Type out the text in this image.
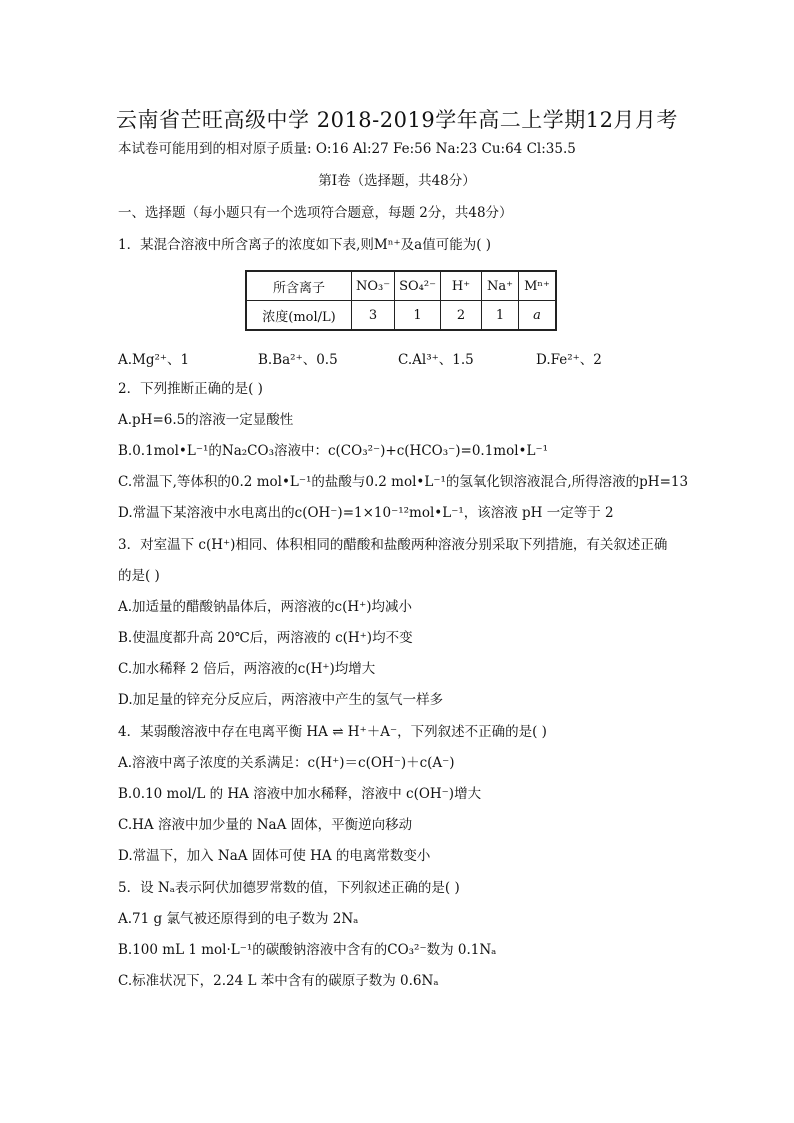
云南省芒旺高级中学 2018-2019学年高二上学期12月月考
本试卷可能用到的相对原子质量: O:16 Al:27 Fe:56 Na:23 Cu:64 Cl:35.5
第Ⅰ卷（选择题，共48分）
一、选择题（每小题只有一个选项符合题意，每题 2分，共48分）
1．某混合溶液中所含离子的浓度如下表,则Mⁿ⁺及a值可能为( )
所含离子	NO₃⁻	SO₄²⁻	H⁺	Na⁺	Mⁿ⁺
浓度(mol/L)	3	1	2	1	a
A.Mg²⁺、1	B.Ba²⁺、0.5	C.Al³⁺、1.5	D.Fe²⁺、2
2．下列推断正确的是( )
A.pH=6.5的溶液一定显酸性
B.0.1mol•L⁻¹的Na₂CO₃溶液中：c(CO₃²⁻)+c(HCO₃⁻)=0.1mol•L⁻¹
C.常温下,等体积的0.2 mol•L⁻¹的盐酸与0.2 mol•L⁻¹的氢氧化钡溶液混合,所得溶液的pH=13
D.常温下某溶液中水电离出的c(OH⁻)=1×10⁻¹²mol•L⁻¹，该溶液 pH 一定等于 2
3．对室温下 c(H⁺)相同、体积相同的醋酸和盐酸两种溶液分别采取下列措施，有关叙述正确
的是( )
A.加适量的醋酸钠晶体后，两溶液的c(H⁺)均减小
B.使温度都升高 20℃后，两溶液的 c(H⁺)均不变
C.加水稀释 2 倍后，两溶液的c(H⁺)均增大
D.加足量的锌充分反应后，两溶液中产生的氢气一样多
4．某弱酸溶液中存在电离平衡 HA ⇌ H⁺＋A⁻，下列叙述不正确的是( )
A.溶液中离子浓度的关系满足：c(H⁺)＝c(OH⁻)＋c(A⁻)
B.0.10 mol/L 的 HA 溶液中加水稀释，溶液中 c(OH⁻)增大
C.HA 溶液中加少量的 NaA 固体，平衡逆向移动
D.常温下，加入 NaA 固体可使 HA 的电离常数变小
5．设 Nₐ表示阿伏加德罗常数的值，下列叙述正确的是( )
A.71 g 氯气被还原得到的电子数为 2Nₐ
B.100 mL 1 mol·L⁻¹的碳酸钠溶液中含有的CO₃²⁻数为 0.1Nₐ
C.标准状况下，2.24 L 苯中含有的碳原子数为 0.6Nₐ
